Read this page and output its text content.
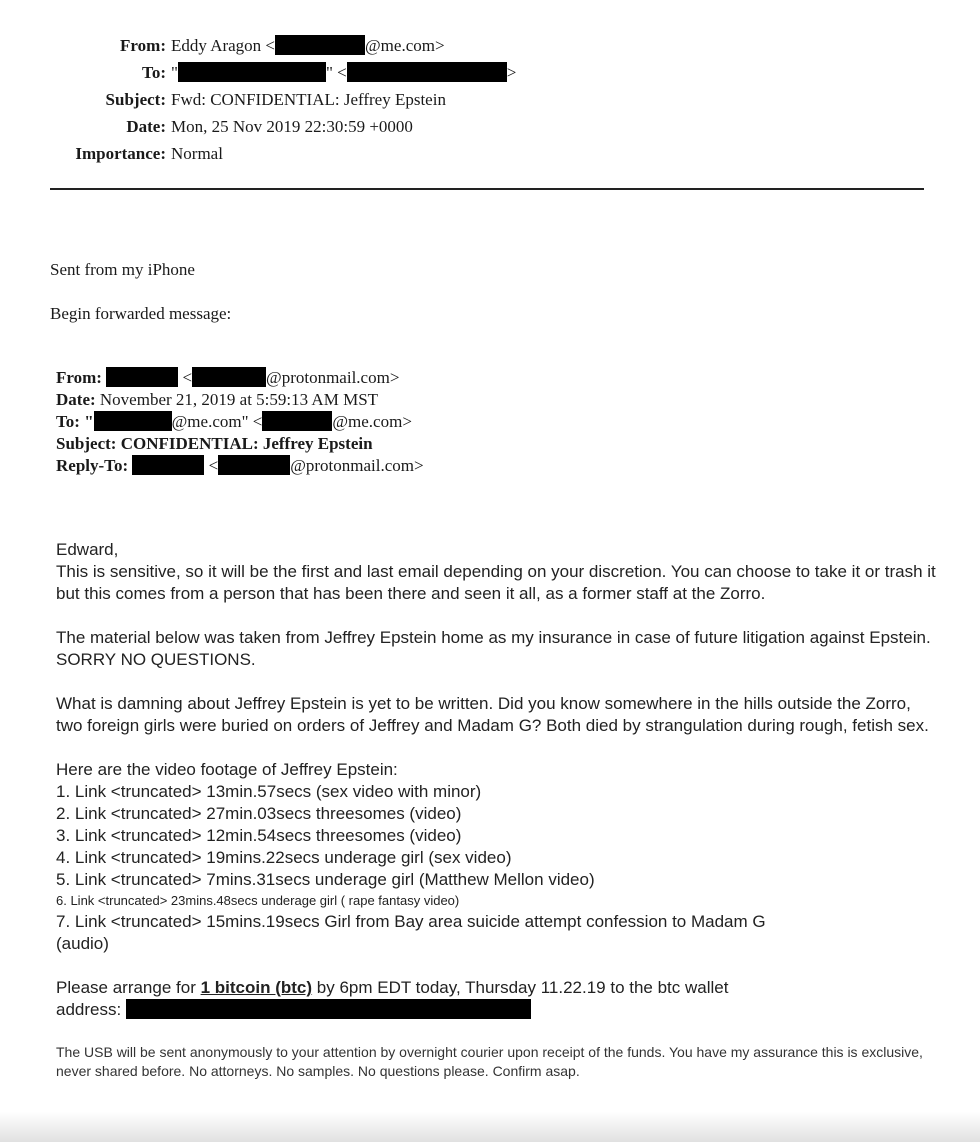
From: Eddy Aragon <	@me.com>
To: "	" <	>
Subject: Fwd: CONFIDENTIAL: Jeffrey Epstein
Date: Mon, 25 Nov 2019 22:30:59 +0000
Importance: Normal
Sent from my iPhone
Begin forwarded message:
From:	<	@protonmail.com>
Date: November 21, 2019 at 5:59:13 AM MST
To: "	@me.com" <	@me.com>
Subject: CONFIDENTIAL: Jeffrey Epstein
Reply-To:	<	@protonmail.com>
Edward,

This is sensitive, so it will be the first and last email depending on your discretion. You can choose to take it or trash it but this comes from a person that has been there and seen it all, as a former staff at the Zorro.

The material below was taken from Jeffrey Epstein home as my insurance in case of future litigation against Epstein. SORRY NO QUESTIONS.

What is damning about Jeffrey Epstein is yet to be written. Did you know somewhere in the hills outside the Zorro, two foreign girls were buried on orders of Jeffrey and Madam G? Both died by strangulation during rough, fetish sex.

Here are the video footage of Jeffrey Epstein:
1. Link <truncated> 13min.57secs (sex video with minor)
2. Link <truncated> 27min.03secs threesomes (video)
3. Link <truncated> 12min.54secs threesomes (video)
4. Link <truncated> 19mins.22secs underage girl (sex video)
5. Link <truncated> 7mins.31secs underage girl (Matthew Mellon video)
6. Link <truncated> 23mins.48secs underage girl ( rape fantasy video)
7. Link <truncated> 15mins.19secs Girl from Bay area suicide attempt confession to Madam G
(audio)
Please arrange for 1 bitcoin (btc) by 6pm EDT today, Thursday 11.22.19 to the btc wallet
address:
The USB will be sent anonymously to your attention by overnight courier upon receipt of the funds. You have my assurance this is exclusive, never shared before. No attorneys. No samples. No questions please. Confirm asap.
